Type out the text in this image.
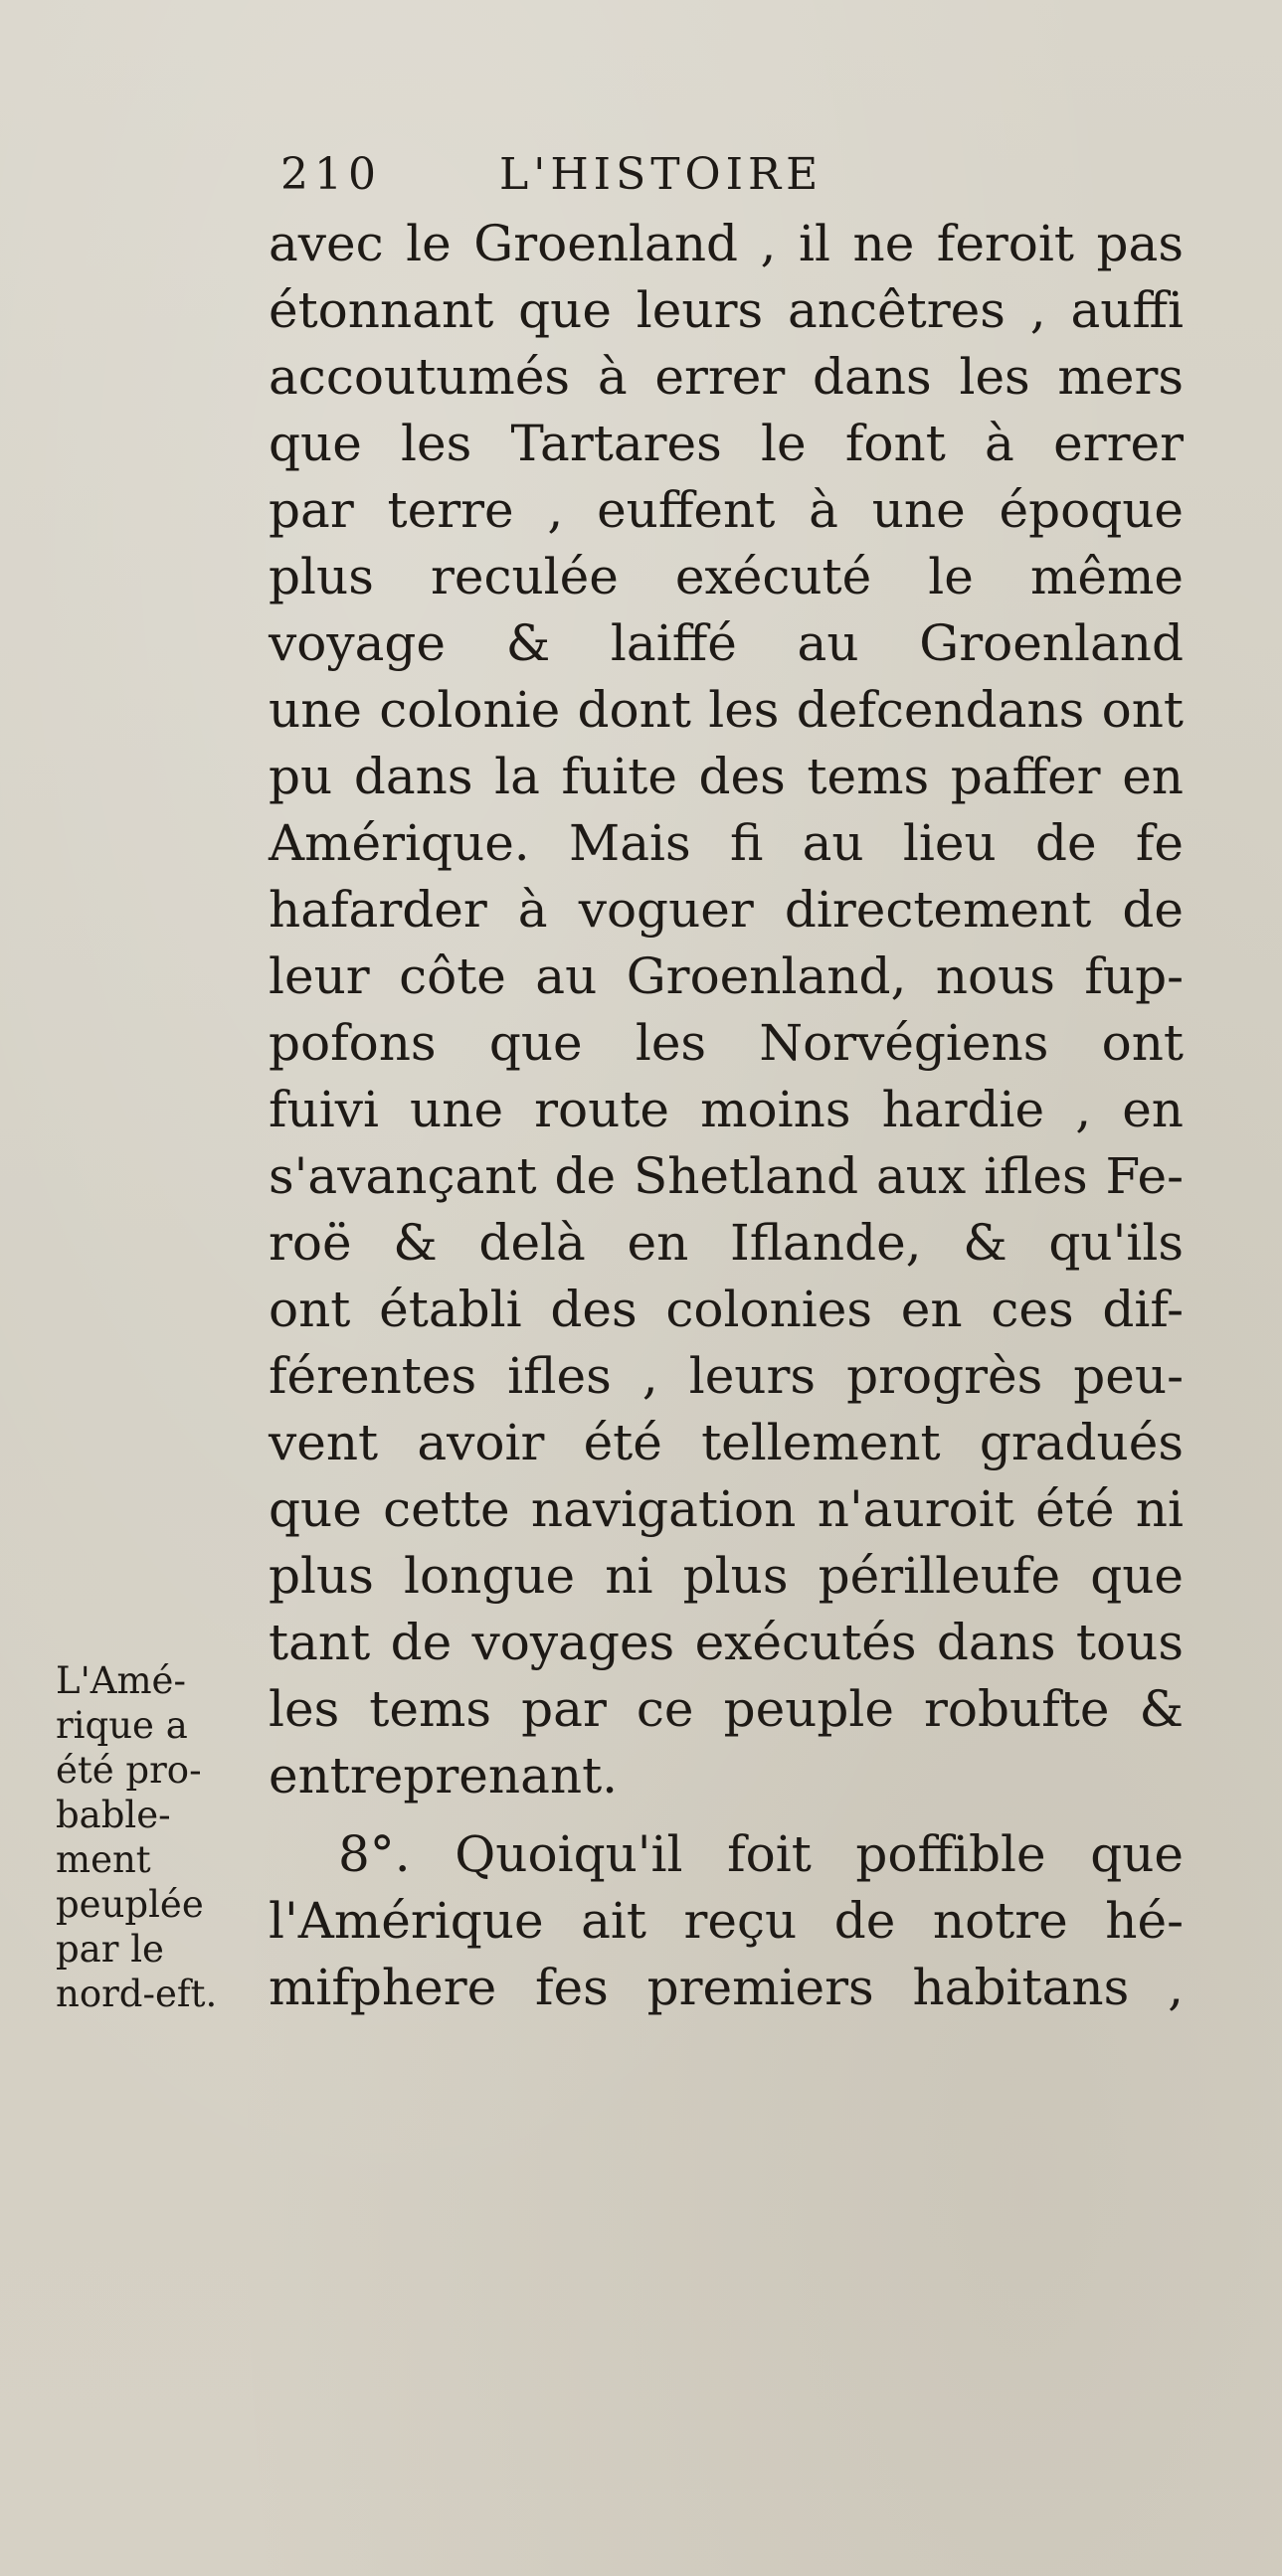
210	L'HISTOIRE
avec le Groenland , il ne feroit pas
étonnant que leurs ancêtres , auffi
accoutumés à errer dans les mers
que les Tartares le font à errer
par terre , euffent à une époque
plus reculée exécuté le même
voyage & laiffé au Groenland
une colonie dont les defcendans ont
pu dans la fuite des tems paffer en
Amérique. Mais fi au lieu de fe
hafarder à voguer directement de
leur côte au Groenland, nous fup-
pofons que les Norvégiens ont
fuivi une route moins hardie , en
s'avançant de Shetland aux ifles Fe-
roë & delà en Iflande, & qu'ils
ont établi des colonies en ces dif-
férentes ifles , leurs progrès peu-
vent avoir été tellement gradués
que cette navigation n'auroit été ni
plus longue ni plus périlleufe que
tant de voyages exécutés dans tous
les tems par ce peuple robufte &
entreprenant.
8°. Quoiqu'il foit poffible que
l'Amérique ait reçu de notre hé-
mifphere fes premiers habitans ,
L'Amé-
rique a
été pro-
bable-
ment
peuplée
par le
nord-eft.
